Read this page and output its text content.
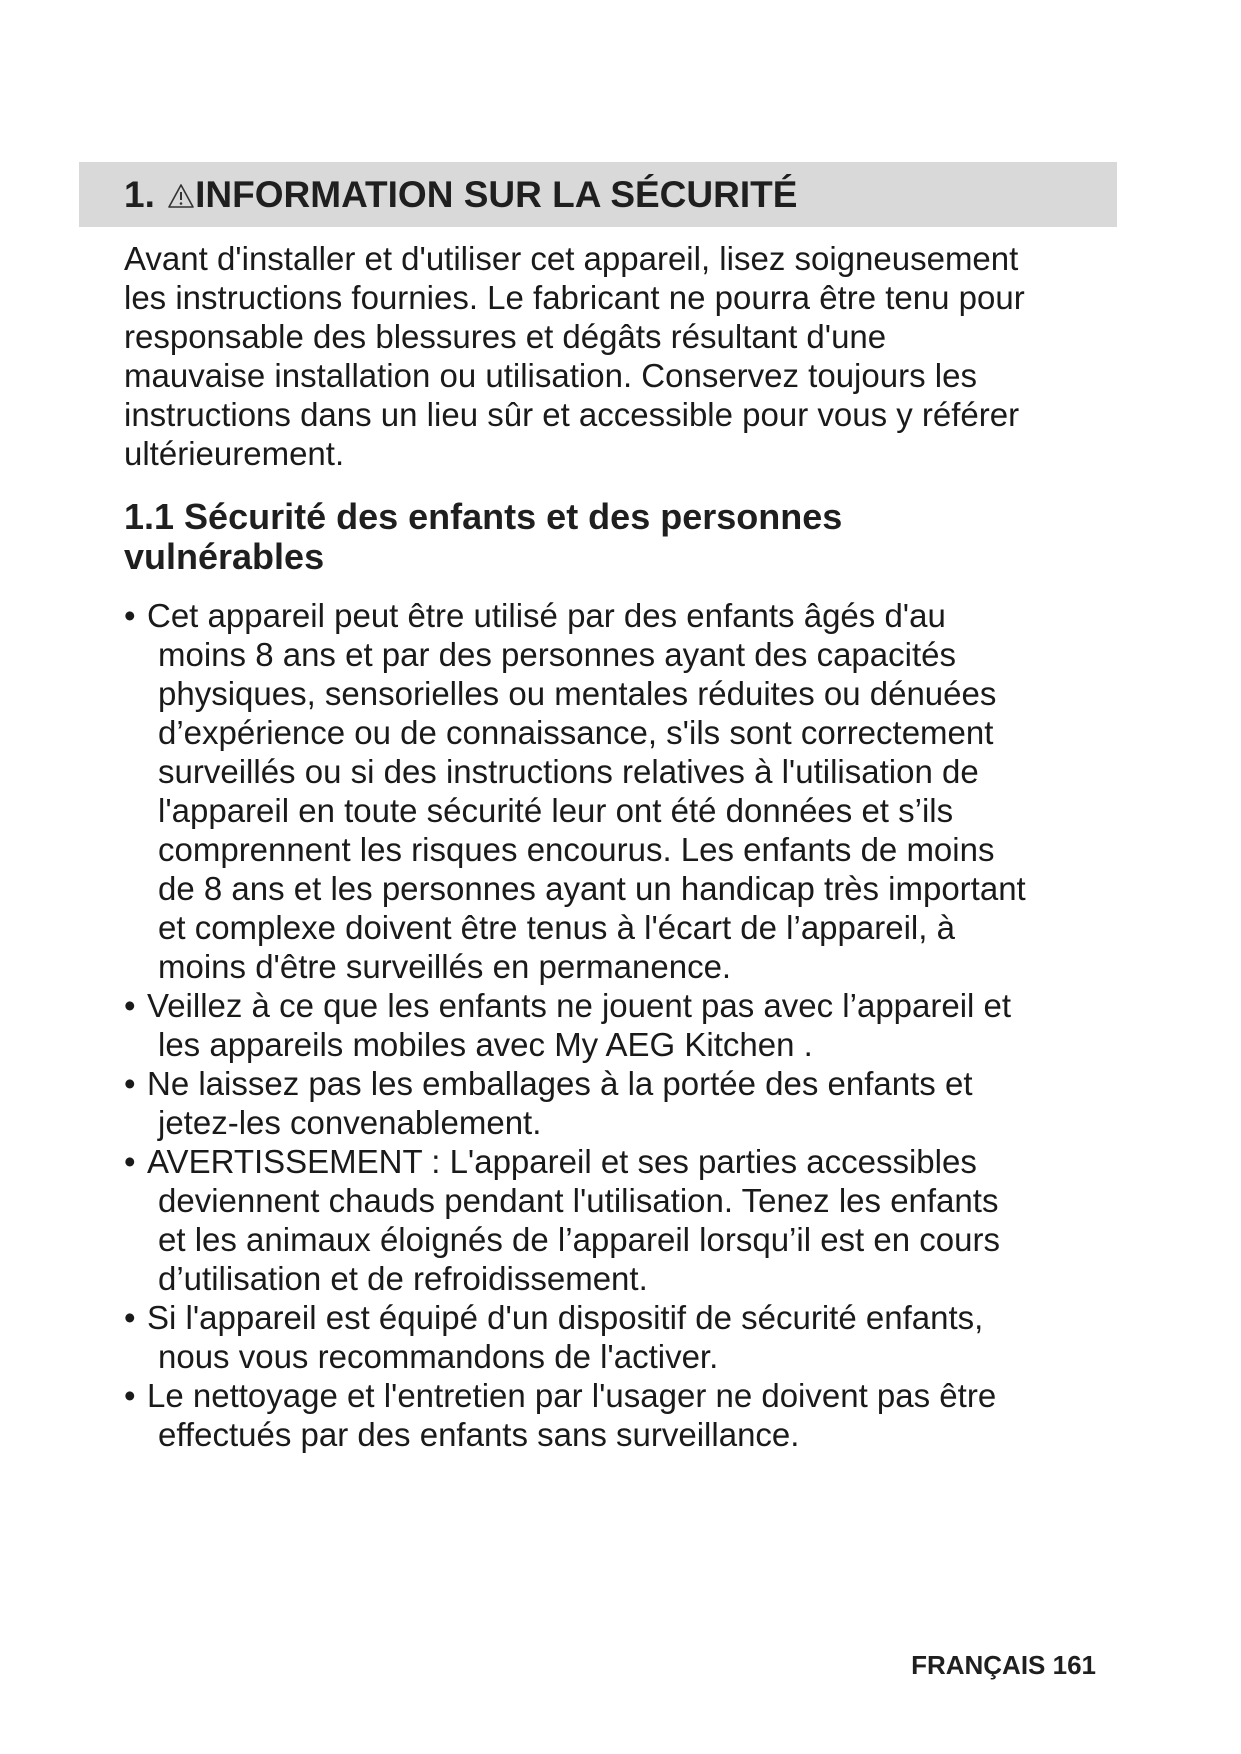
1. INFORMATION SUR LA SÉCURITÉ

Avant d'installer et d'utiliser cet appareil, lisez soigneusement
les instructions fournies. Le fabricant ne pourra être tenu pour
responsable des blessures et dégâts résultant d'une
mauvaise installation ou utilisation. Conservez toujours les
instructions dans un lieu sûr et accessible pour vous y référer
ultérieurement.

1.1 Sécurité des enfants et des personnes
vulnérables
• Cet appareil peut être utilisé par des enfants âgés d'au
moins 8 ans et par des personnes ayant des capacités
physiques, sensorielles ou mentales réduites ou dénuées
d’expérience ou de connaissance, s'ils sont correctement
surveillés ou si des instructions relatives à l'utilisation de
l'appareil en toute sécurité leur ont été données et s’ils
comprennent les risques encourus. Les enfants de moins
de 8 ans et les personnes ayant un handicap très important
et complexe doivent être tenus à l'écart de l’appareil, à
moins d'être surveillés en permanence.
• Veillez à ce que les enfants ne jouent pas avec l’appareil et
les appareils mobiles avec My AEG Kitchen .
• Ne laissez pas les emballages à la portée des enfants et
jetez-les convenablement.
• AVERTISSEMENT : L'appareil et ses parties accessibles
deviennent chauds pendant l'utilisation. Tenez les enfants
et les animaux éloignés de l’appareil lorsqu’il est en cours
d’utilisation et de refroidissement.
• Si l'appareil est équipé d'un dispositif de sécurité enfants,
nous vous recommandons de l'activer.
• Le nettoyage et l'entretien par l'usager ne doivent pas être
effectués par des enfants sans surveillance.
FRANÇAIS 161
